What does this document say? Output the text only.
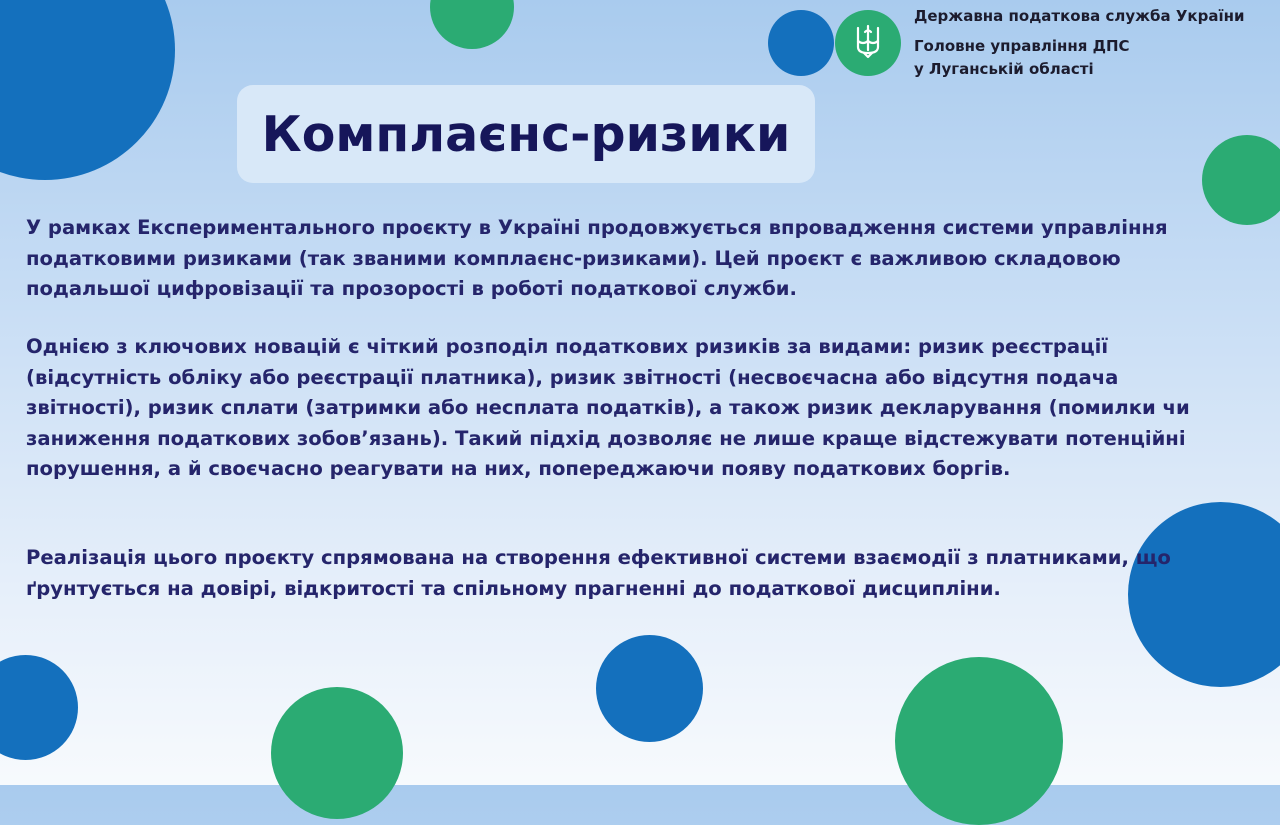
Державна податкова служба України
Головне управління ДПС
у Луганській області
Комплаєнс-ризики
У рамках Експериментального проєкту в Україні продовжується впровадження системи управління податковими ризиками (так званими комплаєнс-ризиками). Цей проєкт є важливою складовою подальшої цифровізації та прозорості в роботі податкової служби.
Однією з ключових новацій є чіткий розподіл податкових ризиків за видами: ризик реєстрації (відсутність обліку або реєстрації платника), ризик звітності (несвоєчасна або відсутня подача звітності), ризик сплати (затримки або несплата податків), а також ризик декларування (помилки чи заниження податкових зобов’язань). Такий підхід дозволяє не лише краще відстежувати потенційні порушення, а й своєчасно реагувати на них, попереджаючи появу податкових боргів.
Реалізація цього проєкту спрямована на створення ефективної системи взаємодії з платниками, що ґрунтується на довірі, відкритості та спільному прагненні до податкової дисципліни.
